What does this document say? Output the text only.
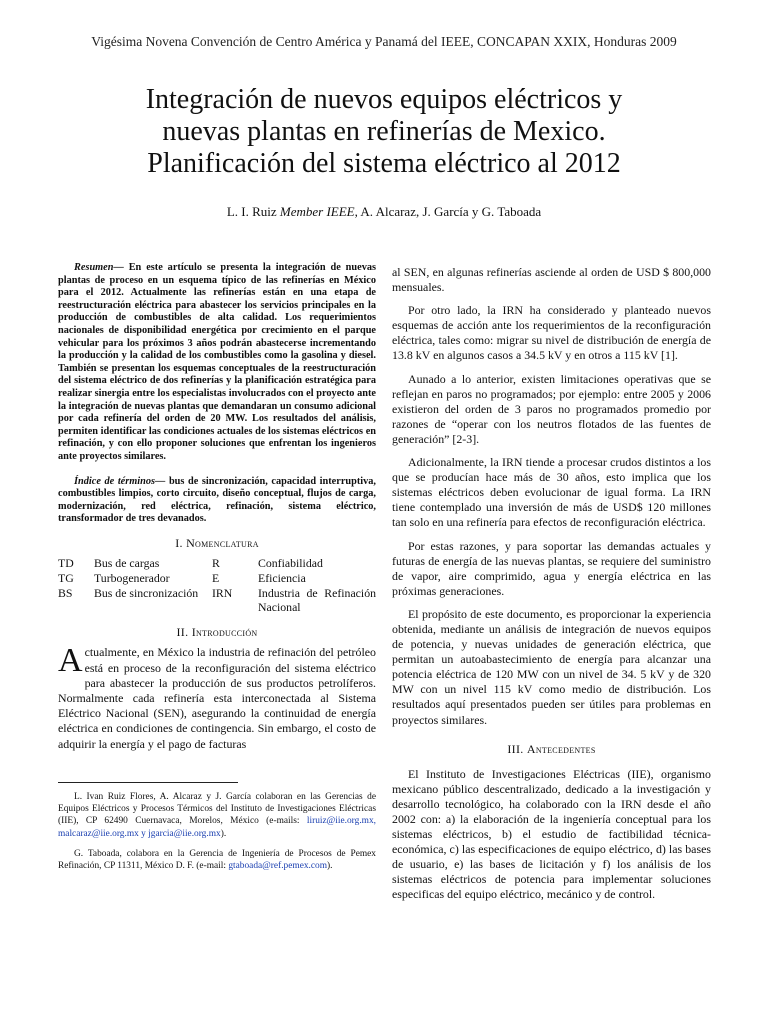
Vigésima Novena Convención de Centro América y Panamá del IEEE, CONCAPAN XXIX, Honduras 2009
Integración de nuevos equipos eléctricos y
nuevas plantas en refinerías de Mexico.
Planificación del sistema eléctrico al 2012
L. I. Ruiz Member IEEE, A. Alcaraz, J. García y G. Taboada

Resumen— En este artículo se presenta la integración de nuevas plantas de proceso en un esquema típico de las refinerías en México para el 2012. Actualmente las refinerías están en una etapa de reestructuración eléctrica para abastecer los servicios principales en la producción de combustibles de alta calidad. Los requerimientos nacionales de disponibilidad energética por crecimiento en el parque vehicular para los próximos 3 años podrán abastecerse incrementando la producción y la calidad de los combustibles como la gasolina y diesel. También se presentan los esquemas conceptuales de la reestructuración del sistema eléctrico de dos refinerías y la planificación estratégica para realizar sinergia entre los especialistas involucrados con el proyecto ante la integración de nuevas plantas que demandaran un consumo adicional por cada refinería del orden de 20 MW. Los resultados del análisis, permiten identificar las condiciones actuales de los sistemas eléctricos en refinación, y con ello proponer soluciones que enfrentan los ingenieros ante proyectos similares.

Índice de términos— bus de sincronización, capacidad interruptiva, combustibles limpios, corto circuito, diseño conceptual, flujos de carga, modernización, red eléctrica, refinación, sistema eléctrico, transformador de tres devanados.

I. Nomenclatura
TD	Bus de cargas	R	Confiabilidad
TG	Turbogenerador	E	Eficiencia
BS	Bus de sincronización	IRN	Industria de Refinación Nacional
II. Introducción

Actualmente, en México la industria de refinación del petróleo está en proceso de la reconfiguración del sistema eléctrico para abastecer la producción de sus productos petrolíferos. Normalmente cada refinería esta interconectada al Sistema Eléctrico Nacional (SEN), asegurando la continuidad de energía eléctrica en condiciones de contingencia. Sin embargo, el costo de adquirir la energía y el pago de facturas

L. Ivan Ruiz Flores, A. Alcaraz y J. García colaboran en las Gerencias de Equipos Eléctricos y Procesos Térmicos del Instituto de Investigaciones Eléctricas (IIE), CP 62490 Cuernavaca, Morelos, México (e-mails: liruiz@iie.org.mx, malcaraz@iie.org.mx y jgarcia@iie.org.mx).

G. Taboada, colabora en la Gerencia de Ingeniería de Procesos de Pemex Refinación, CP 11311, México D. F. (e-mail: gtaboada@ref.pemex.com).

al SEN, en algunas refinerías asciende al orden de USD $ 800,000 mensuales.

Por otro lado, la IRN ha considerado y planteado nuevos esquemas de acción ante los requerimientos de la reconfiguración eléctrica, tales como: migrar su nivel de distribución de energía de 13.8 kV en algunos casos a 34.5 kV y en otros a 115 kV [1].

Aunado a lo anterior, existen limitaciones operativas que se reflejan en paros no programados; por ejemplo: entre 2005 y 2006 existieron del orden de 3 paros no programados promedio por razones de “operar con los neutros flotados de las fuentes de generación” [2-3].

Adicionalmente, la IRN tiende a procesar crudos distintos a los que se producían hace más de 30 años, esto implica que los sistemas eléctricos deben evolucionar de igual forma. La IRN tiene contemplado una inversión de más de USD$ 120 millones tan solo en una refinería para efectos de reconfiguración eléctrica.

Por estas razones, y para soportar las demandas actuales y futuras de energía de las nuevas plantas, se requiere del suministro de vapor, aire comprimido, agua y energía eléctrica en las próximas generaciones.

El propósito de este documento, es proporcionar la experiencia obtenida, mediante un análisis de integración de nuevos equipos de potencia, y nuevas unidades de generación eléctrica, que permitan un autoabastecimiento de energía para alcanzar una potencia eléctrica de 120 MW con un nivel de 34. 5 kV y de 320 MW con un nivel 115 kV como medio de distribución. Los resultados aquí presentados pueden ser útiles para problemas en proyectos similares.

III. Antecedentes

El Instituto de Investigaciones Eléctricas (IIE), organismo mexicano público descentralizado, dedicado a la investigación y desarrollo tecnológico, ha colaborado con la IRN desde el año 2002 con: a) la elaboración de la ingeniería conceptual para los sistemas eléctricos, b) el estudio de factibilidad técnica-económica, c) las especificaciones de equipo eléctrico, d) las bases de usuario, e) las bases de licitación y f) los análisis de los sistemas eléctricos de potencia para implementar soluciones especificas del equipo eléctrico, mecánico y de control.
